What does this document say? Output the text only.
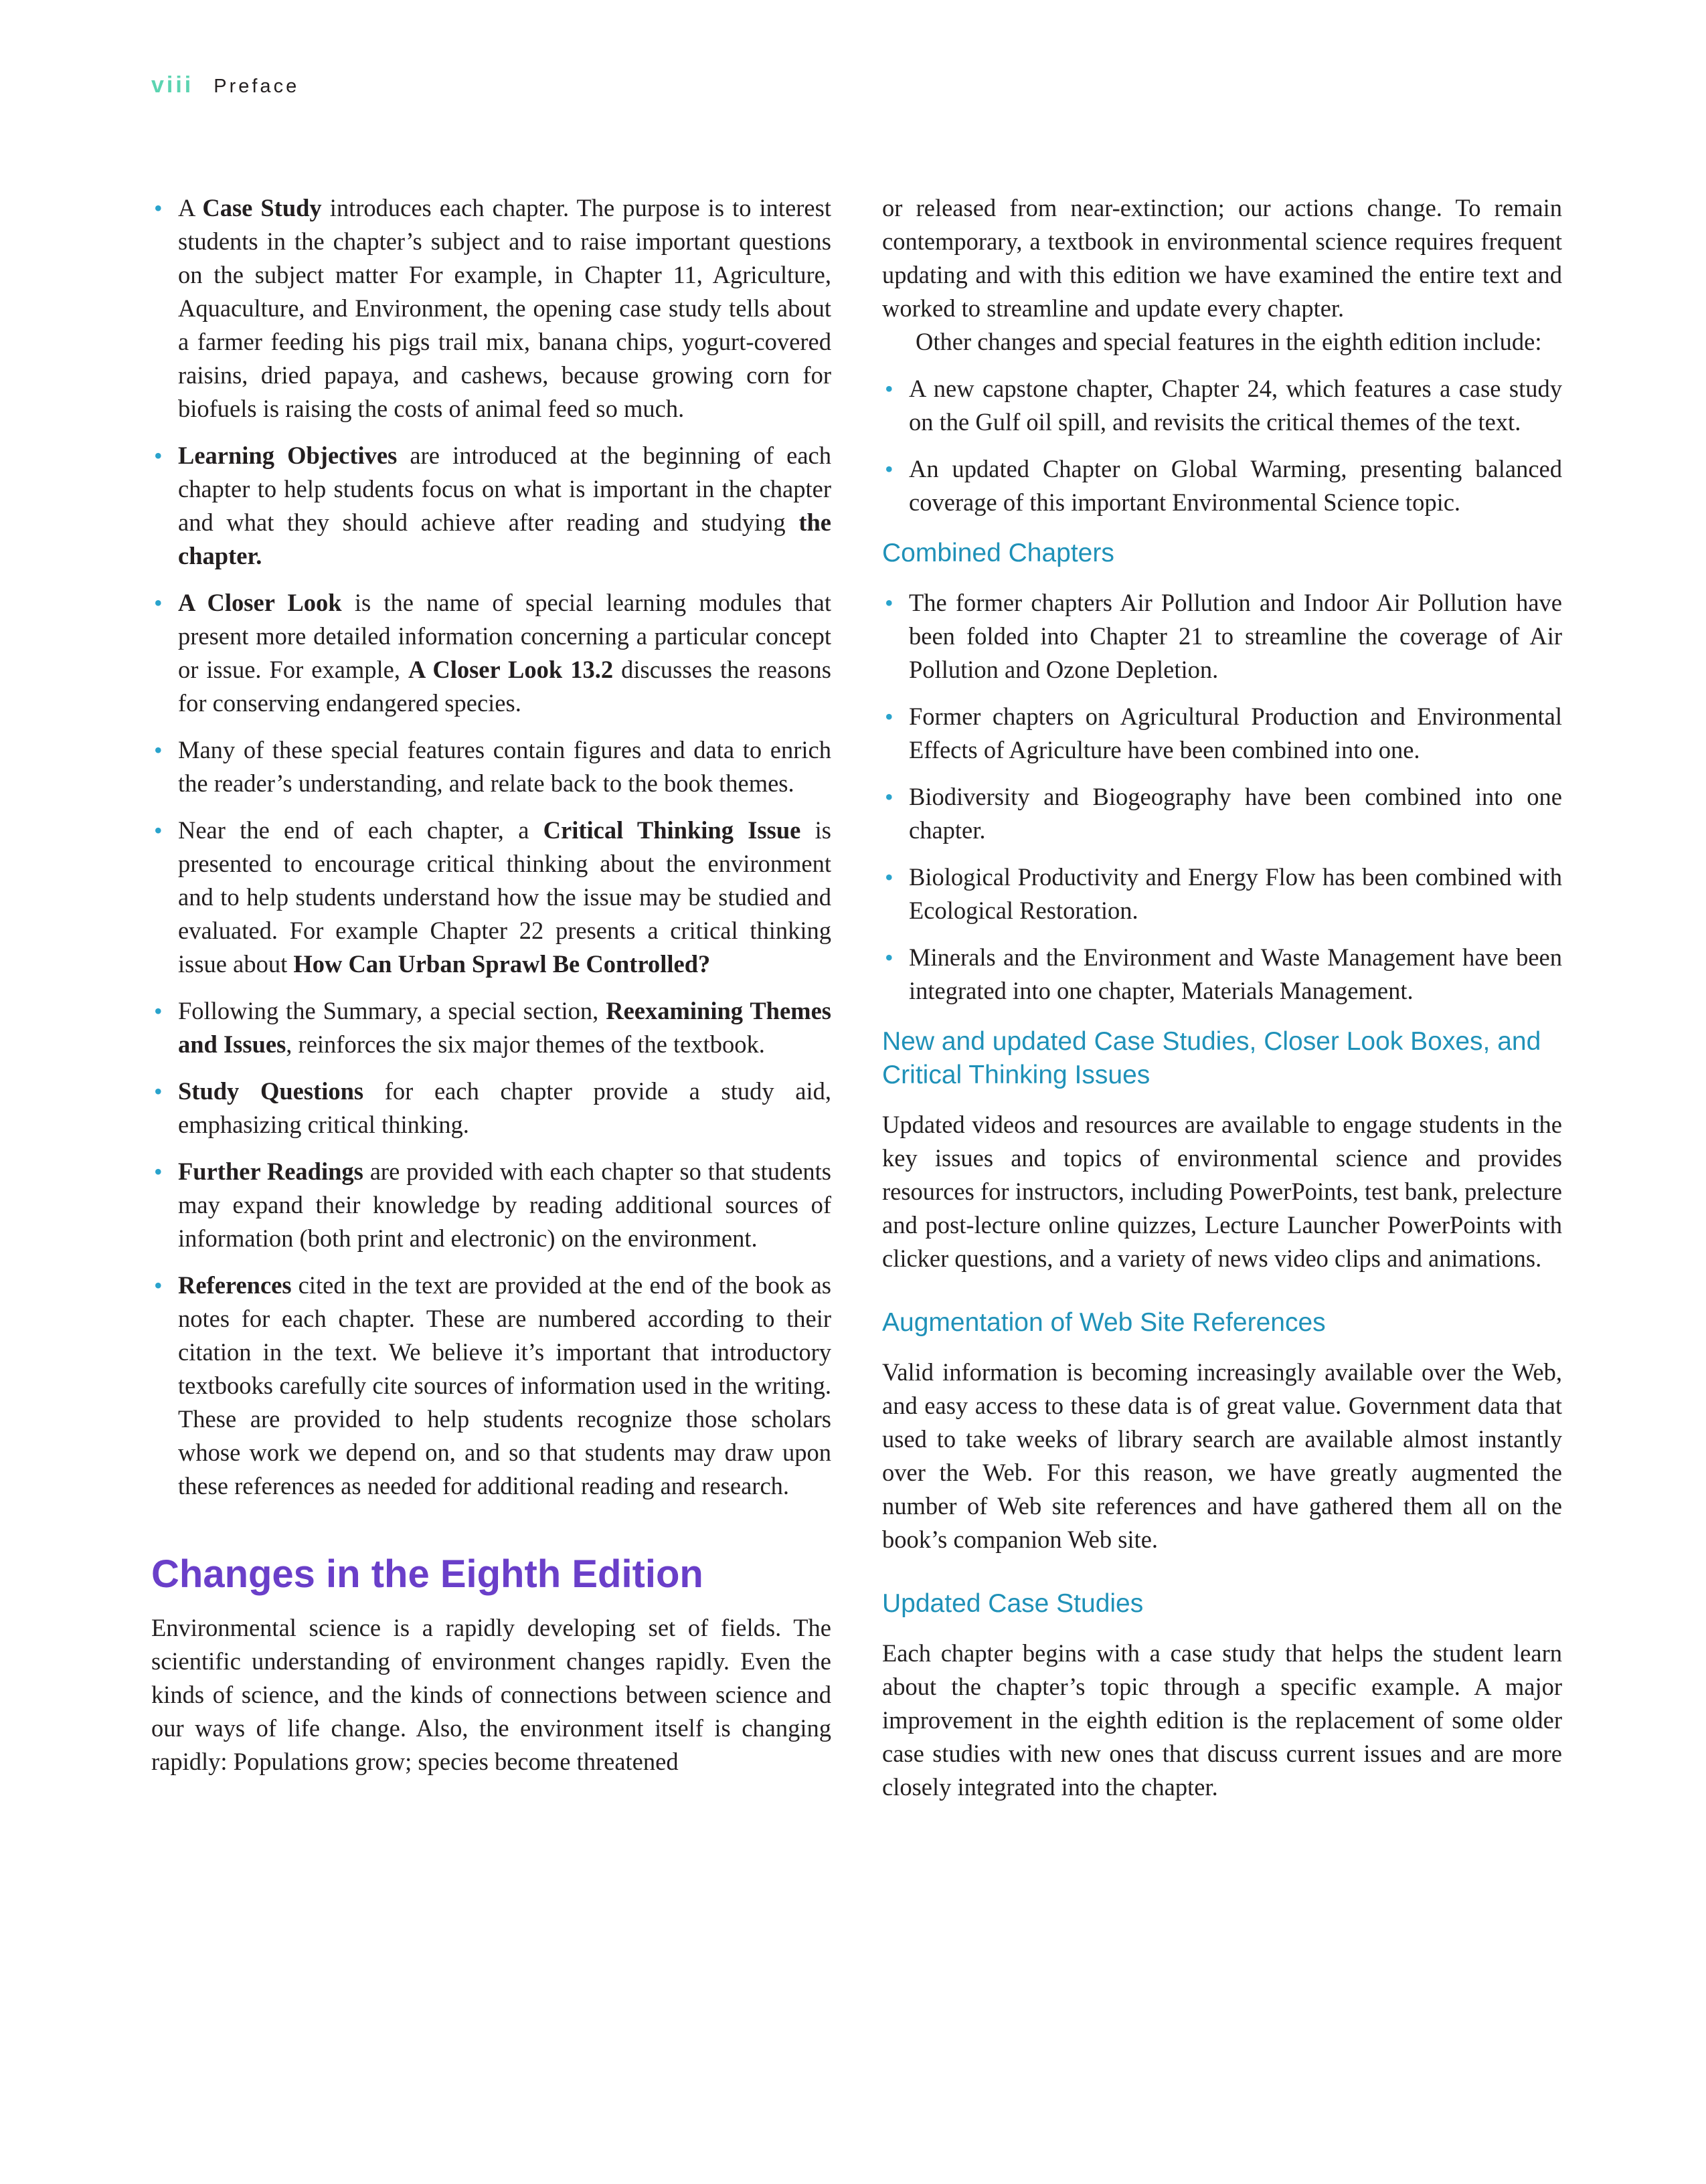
viii Preface
• A Case Study introduces each chapter. The purpose is to interest students in the chapter’s subject and to raise important questions on the subject matter For example, in Chapter 11, Agriculture, Aquaculture, and Environment, the opening case study tells about a farmer feeding his pigs trail mix, banana chips, yogurt-covered raisins, dried papaya, and cashews, because growing corn for biofuels is raising the costs of animal feed so much.
• Learning Objectives are introduced at the beginning of each chapter to help students focus on what is important in the chapter and what they should achieve after reading and studying the chapter.
• A Closer Look is the name of special learning modules that present more detailed information concerning a particular concept or issue. For example, A Closer Look 13.2 discusses the reasons for conserving endangered species.
• Many of these special features contain figures and data to enrich the reader’s understanding, and relate back to the book themes.
• Near the end of each chapter, a Critical Thinking Issue is presented to encourage critical thinking about the environment and to help students understand how the issue may be studied and evaluated. For example Chapter 22 presents a critical thinking issue about How Can Urban Sprawl Be Controlled?
• Following the Summary, a special section, Reexamining Themes and Issues, reinforces the six major themes of the textbook.
• Study Questions for each chapter provide a study aid, emphasizing critical thinking.
• Further Readings are provided with each chapter so that students may expand their knowledge by reading additional sources of information (both print and electronic) on the environment.
• References cited in the text are provided at the end of the book as notes for each chapter. These are numbered according to their citation in the text. We believe it’s important that introductory textbooks carefully cite sources of information used in the writing. These are provided to help students recognize those scholars whose work we depend on, and so that students may draw upon these references as needed for additional reading and research.
Changes in the Eighth Edition

Environmental science is a rapidly developing set of fields. The scientific understanding of environment changes rapidly. Even the kinds of science, and the kinds of connections between science and our ways of life change. Also, the environment itself is changing rapidly: Populations grow; species become threatened

or released from near-extinction; our actions change. To remain contemporary, a textbook in environmental science requires frequent updating and with this edition we have examined the entire text and worked to streamline and update every chapter.

Other changes and special features in the eighth edition include:

• A new capstone chapter, Chapter 24, which features a case study on the Gulf oil spill, and revisits the critical themes of the text.
• An updated Chapter on Global Warming, presenting balanced coverage of this important Environmental Science topic.
Combined Chapters
• The former chapters Air Pollution and Indoor Air Pollution have been folded into Chapter 21 to streamline the coverage of Air Pollution and Ozone Depletion.
• Former chapters on Agricultural Production and Environmental Effects of Agriculture have been combined into one.
• Biodiversity and Biogeography have been combined into one chapter.
• Biological Productivity and Energy Flow has been combined with Ecological Restoration.
• Minerals and the Environment and Waste Management have been integrated into one chapter, Materials Management.
New and updated Case Studies, Closer Look Boxes, and Critical Thinking Issues

Updated videos and resources are available to engage students in the key issues and topics of environmental science and provides resources for instructors, including PowerPoints, test bank, prelecture and post-lecture online quizzes, Lecture Launcher PowerPoints with clicker questions, and a variety of news video clips and animations.

Augmentation of Web Site References

Valid information is becoming increasingly available over the Web, and easy access to these data is of great value. Government data that used to take weeks of library search are available almost instantly over the Web. For this reason, we have greatly augmented the number of Web site references and have gathered them all on the book’s companion Web site.

Updated Case Studies

Each chapter begins with a case study that helps the student learn about the chapter’s topic through a specific example. A major improvement in the eighth edition is the replacement of some older case studies with new ones that discuss current issues and are more closely integrated into the chapter.
